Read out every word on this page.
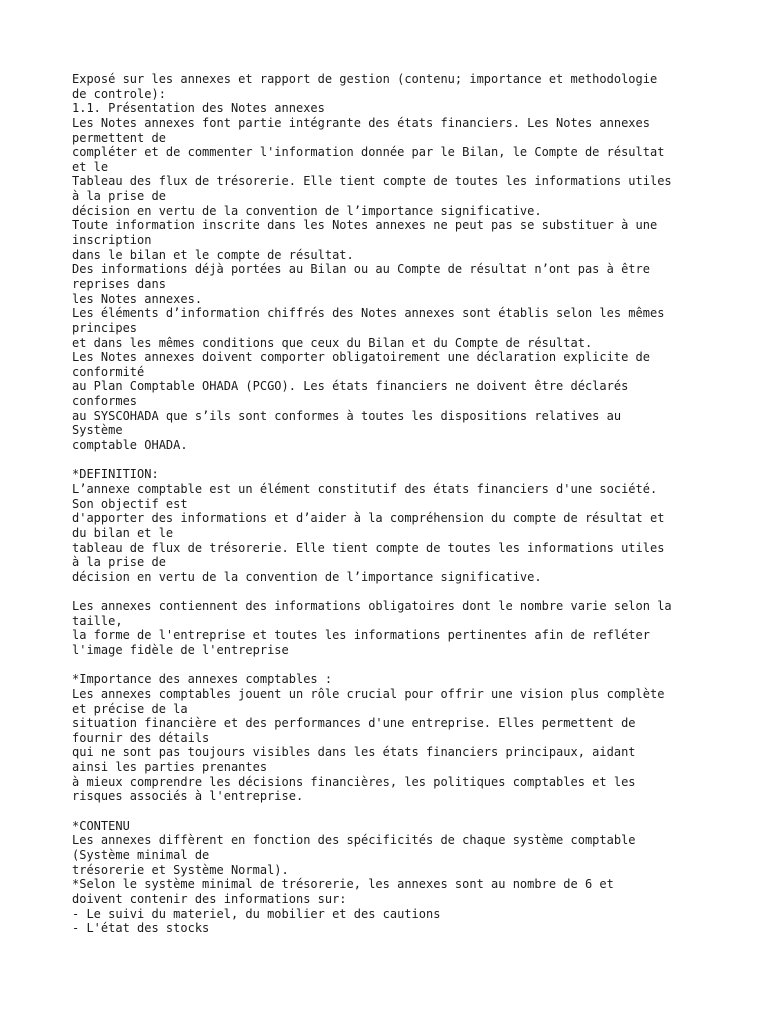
Exposé sur les annexes et rapport de gestion (contenu; importance et methodologie
de controle):
1.1. Présentation des Notes annexes
Les Notes annexes font partie intégrante des états financiers. Les Notes annexes
permettent de
compléter et de commenter l'information donnée par le Bilan, le Compte de résultat
et le
Tableau des flux de trésorerie. Elle tient compte de toutes les informations utiles
à la prise de
décision en vertu de la convention de l’importance significative.
Toute information inscrite dans les Notes annexes ne peut pas se substituer à une
inscription
dans le bilan et le compte de résultat.
Des informations déjà portées au Bilan ou au Compte de résultat n’ont pas à être
reprises dans
les Notes annexes.
Les éléments d’information chiffrés des Notes annexes sont établis selon les mêmes
principes
et dans les mêmes conditions que ceux du Bilan et du Compte de résultat.
Les Notes annexes doivent comporter obligatoirement une déclaration explicite de
conformité
au Plan Comptable OHADA (PCGO). Les états financiers ne doivent être déclarés
conformes
au SYSCOHADA que s’ils sont conformes à toutes les dispositions relatives au
Système
comptable OHADA.

*DEFINITION:
L’annexe comptable est un élément constitutif des états financiers d'une société.
Son objectif est
d'apporter des informations et d’aider à la compréhension du compte de résultat et
du bilan et le
tableau de flux de trésorerie. Elle tient compte de toutes les informations utiles
à la prise de
décision en vertu de la convention de l’importance significative.

Les annexes contiennent des informations obligatoires dont le nombre varie selon la
taille,
la forme de l'entreprise et toutes les informations pertinentes afin de refléter
l'image fidèle de l'entreprise

*Importance des annexes comptables :
Les annexes comptables jouent un rôle crucial pour offrir une vision plus complète
et précise de la
situation financière et des performances d'une entreprise. Elles permettent de
fournir des détails
qui ne sont pas toujours visibles dans les états financiers principaux, aidant
ainsi les parties prenantes
à mieux comprendre les décisions financières, les politiques comptables et les
risques associés à l'entreprise.

*CONTENU
Les annexes diffèrent en fonction des spécificités de chaque système comptable
(Système minimal de
trésorerie et Système Normal).
*Selon le système minimal de trésorerie, les annexes sont au nombre de 6 et
doivent contenir des informations sur:
- Le suivi du materiel, du mobilier et des cautions
- L'état des stocks
